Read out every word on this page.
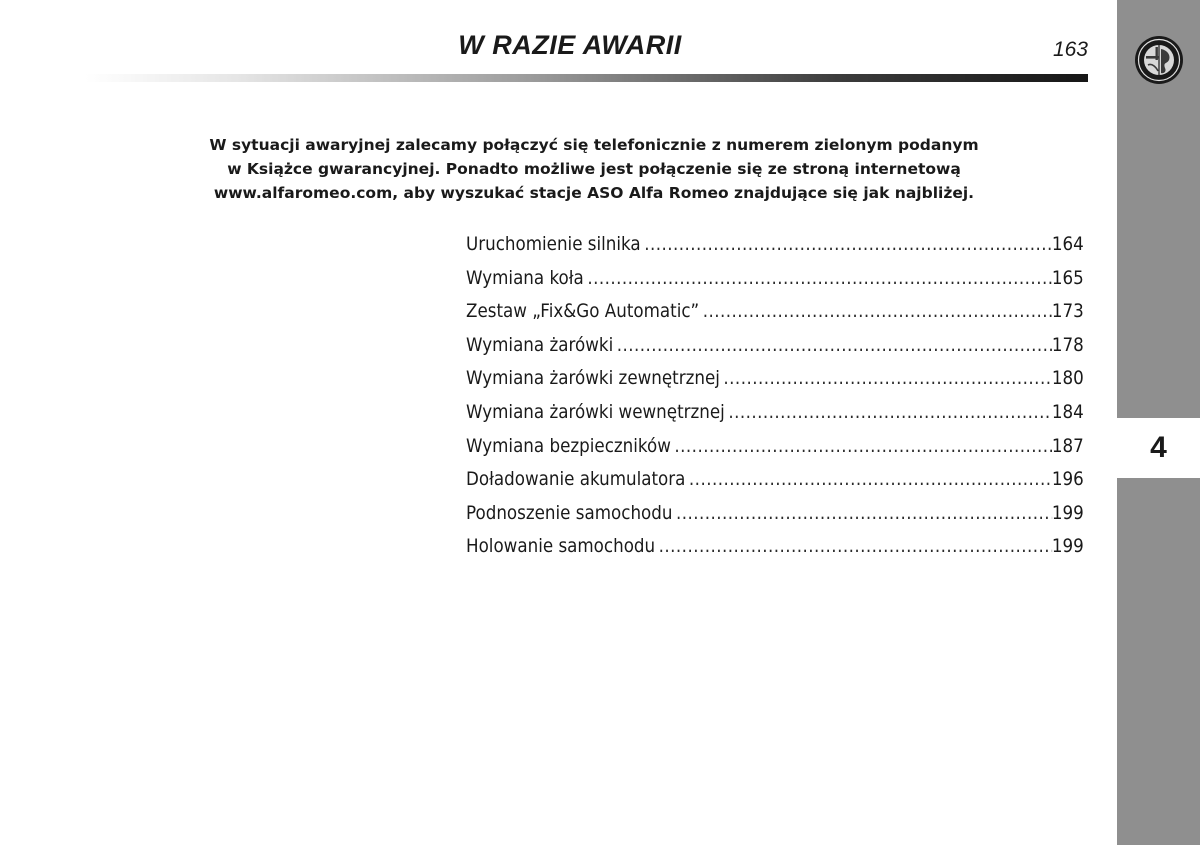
W RAZIE AWARII	163
4
W sytuacji awaryjnej zalecamy połączyć się telefonicznie z numerem zielonym podanym
w Książce gwarancyjnej. Ponadto możliwe jest połączenie się ze stroną internetową
www.alfaromeo.com, aby wyszukać stacje ASO Alfa Romeo znajdujące się jak najbliżej.
Uruchomienie silnika .....	164
Wymiana koła .....	165
Zestaw „Fix&Go Automatic” .....	173
Wymiana żarówki .....	178
Wymiana żarówki zewnętrznej .....	180
Wymiana żarówki wewnętrznej .....	184
Wymiana bezpieczników .....	187
Doładowanie akumulatora .....	196
Podnoszenie samochodu .....	199
Holowanie samochodu .....	199
